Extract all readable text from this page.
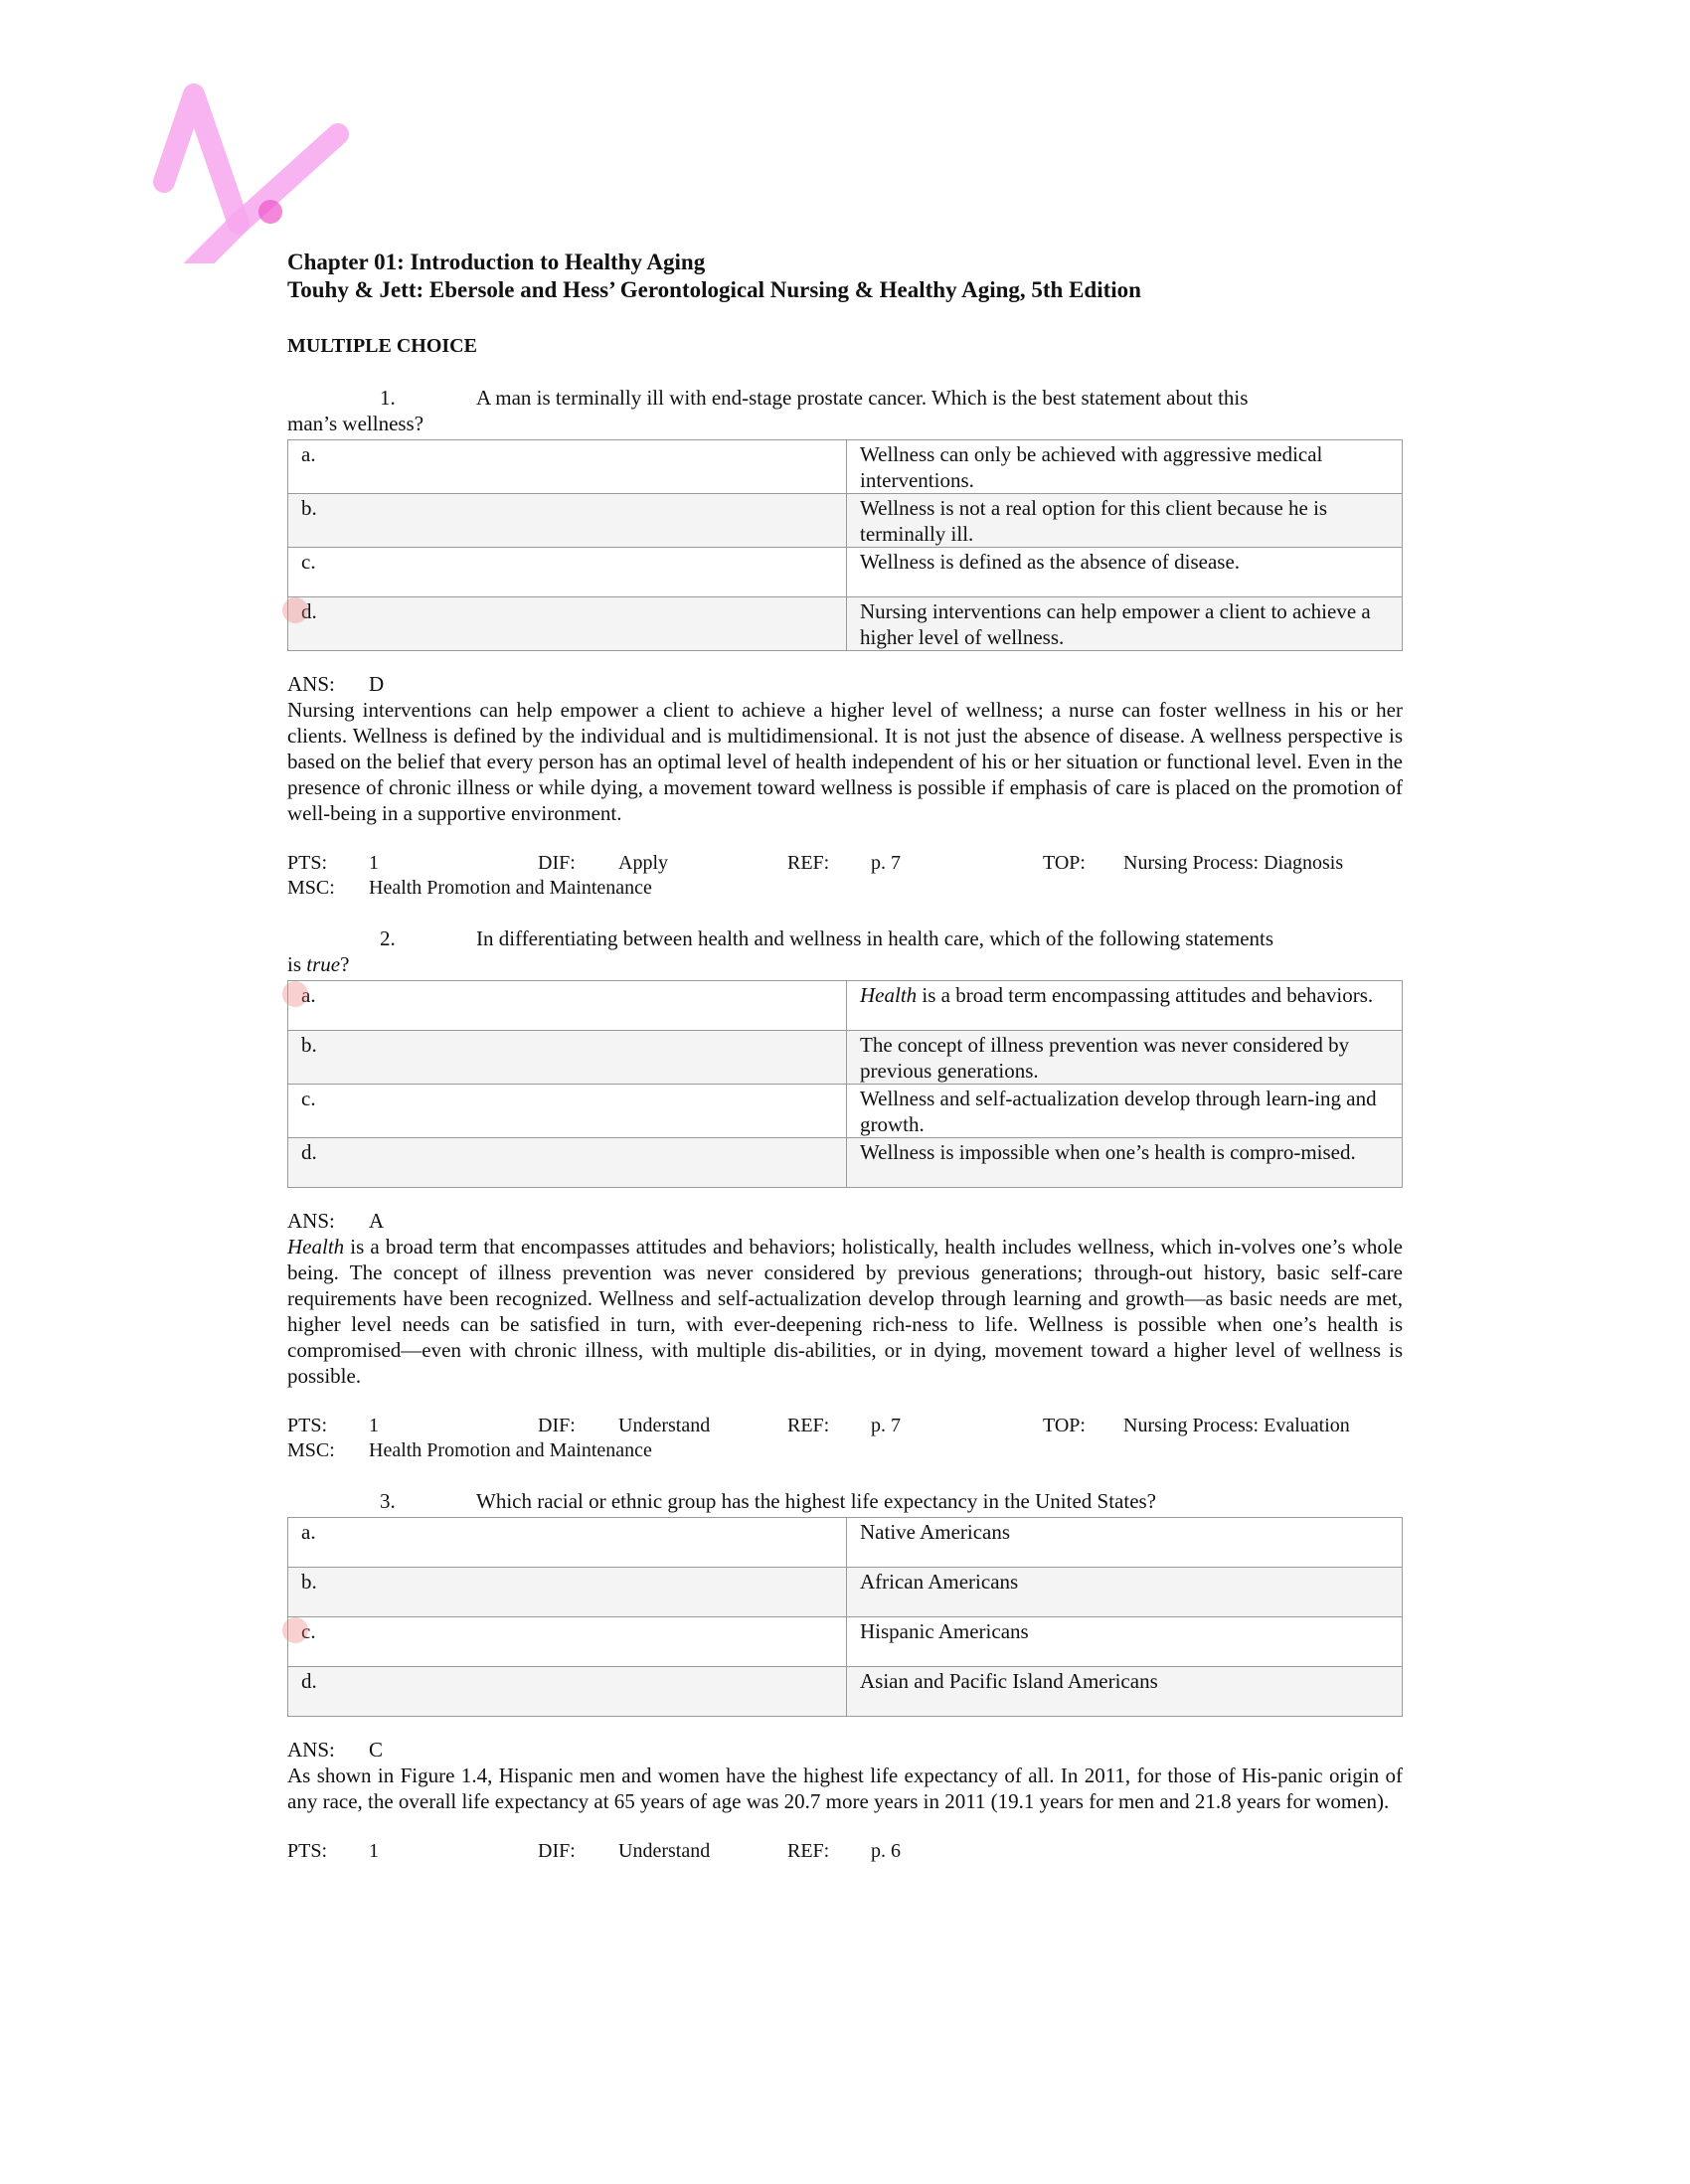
Chapter 01: Introduction to Healthy Aging
Touhy & Jett: Ebersole and Hess’ Gerontological Nursing & Healthy Aging, 5th Edition
MULTIPLE CHOICE
1.	A man is terminally ill with end-stage prostate cancer. Which is the best statement about this
man’s wellness?
a.	Wellness can only be achieved with aggressive medical interventions.
b.	Wellness is not a real option for this client because he is terminally ill.
c.	Wellness is defined as the absence of disease.

d.	Nursing interventions can help empower a client to achieve a higher level of wellness.
ANS: D
Nursing interventions can help empower a client to achieve a higher level of wellness; a nurse can foster wellness in his or her clients. Wellness is defined by the individual and is multidimensional. It is not just the absence of disease. A wellness perspective is based on the belief that every person has an optimal level of health independent of his or her situation or functional level. Even in the presence of chronic illness or while dying, a movement toward wellness is possible if emphasis of care is placed on the promotion of well-being in a supportive environment.
PTS: 1	DIF: Apply	REF: p. 7	TOP: Nursing Process: Diagnosis
MSC: Health Promotion and Maintenance
2.	In differentiating between health and wellness in health care, which of the following statements
is true?
a.	Health is a broad term encompassing attitudes and behaviors.
b.	The concept of illness prevention was never considered by previous generations.
c.	Wellness and self-actualization develop through learn-ing and growth.
d.	Wellness is impossible when one’s health is compro-mised.
ANS: A
Health is a broad term that encompasses attitudes and behaviors; holistically, health includes wellness, which in-volves one’s whole being. The concept of illness prevention was never considered by previous generations; through-out history, basic self-care requirements have been recognized. Wellness and self-actualization develop through learning and growth—as basic needs are met, higher level needs can be satisfied in turn, with ever-deepening rich-ness to life. Wellness is possible when one’s health is compromised—even with chronic illness, with multiple dis-abilities, or in dying, movement toward a higher level of wellness is possible.
PTS: 1	DIF: Understand	REF: p. 7	TOP: Nursing Process: Evaluation
MSC: Health Promotion and Maintenance
3.	Which racial or ethnic group has the highest life expectancy in the United States?
a.	Native Americans
b.	African Americans

c.	Hispanic Americans
d.	Asian and Pacific Island Americans
ANS: C
As shown in Figure 1.4, Hispanic men and women have the highest life expectancy of all. In 2011, for those of His-panic origin of any race, the overall life expectancy at 65 years of age was 20.7 more years in 2011 (19.1 years for men and 21.8 years for women).
PTS: 1	DIF: Understand	REF: p. 6
